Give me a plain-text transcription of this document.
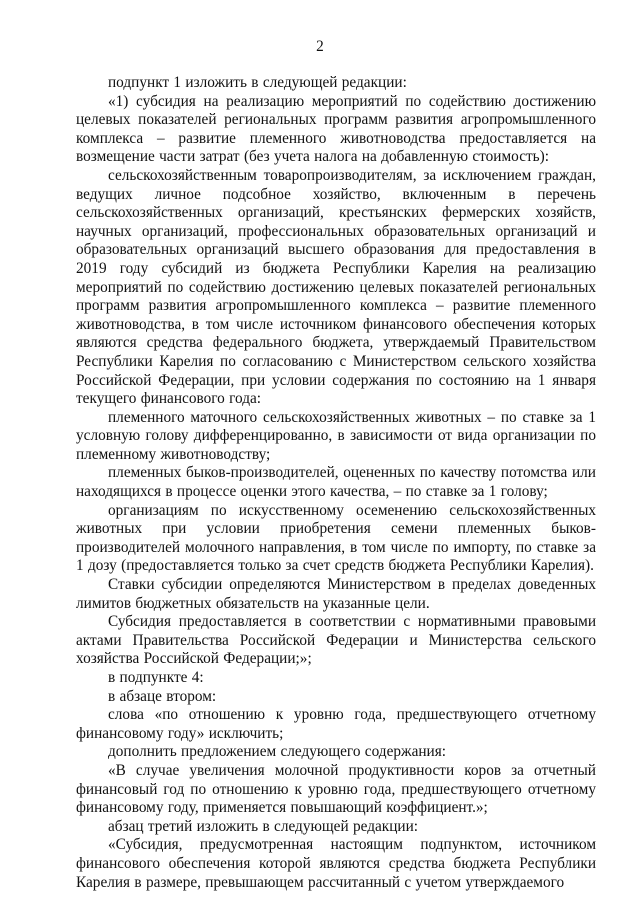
2

подпункт 1 изложить в следующей редакции:

«1) субсидия на реализацию мероприятий по содействию достижению целевых показателей региональных программ развития агропромышленного комплекса – развитие племенного животноводства предоставляется на возмещение части затрат (без учета налога на добавленную стоимость):

сельскохозяйственным товаропроизводителям, за исключением граждан, ведущих личное подсобное хозяйство, включенным в перечень сельскохозяйственных организаций, крестьянских фермерских хозяйств, научных организаций, профессиональных образовательных организаций и образовательных организаций высшего образования для предоставления в 2019 году субсидий из бюджета Республики Карелия на реализацию мероприятий по содействию достижению целевых показателей региональных программ развития агропромышленного комплекса – развитие племенного животноводства, в том числе источником финансового обеспечения которых являются средства федерального бюджета, утверждаемый Правительством Республики Карелия по согласованию с Министерством сельского хозяйства Российской Федерации, при условии содержания по состоянию на 1 января текущего финансового года:

племенного маточного сельскохозяйственных животных – по ставке за 1 условную голову дифференцированно, в зависимости от вида организации по племенному животноводству;

племенных быков-производителей, оцененных по качеству потомства или находящихся в процессе оценки этого качества, – по ставке за 1 голову;

организациям по искусственному осеменению сельскохозяйственных животных при условии приобретения семени племенных быков-производителей молочного направления, в том числе по импорту, по ставке за 1 дозу (предоставляется только за счет средств бюджета Республики Карелия).

Ставки субсидии определяются Министерством в пределах доведенных лимитов бюджетных обязательств на указанные цели.

Субсидия предоставляется в соответствии с нормативными правовыми актами Правительства Российской Федерации и Министерства сельского хозяйства Российской Федерации;»;

в подпункте 4:

в абзаце втором:

слова «по отношению к уровню года, предшествующего отчетному финансовому году» исключить;

дополнить предложением следующего содержания:

«В случае увеличения молочной продуктивности коров за отчетный финансовый год по отношению к уровню года, предшествующего отчетному финансовому году, применяется повышающий коэффициент.»;

абзац третий изложить в следующей редакции:

«Субсидия, предусмотренная настоящим подпунктом, источником финансового обеспечения которой являются средства бюджета Республики Карелия в размере, превышающем рассчитанный с учетом утверждаемого
